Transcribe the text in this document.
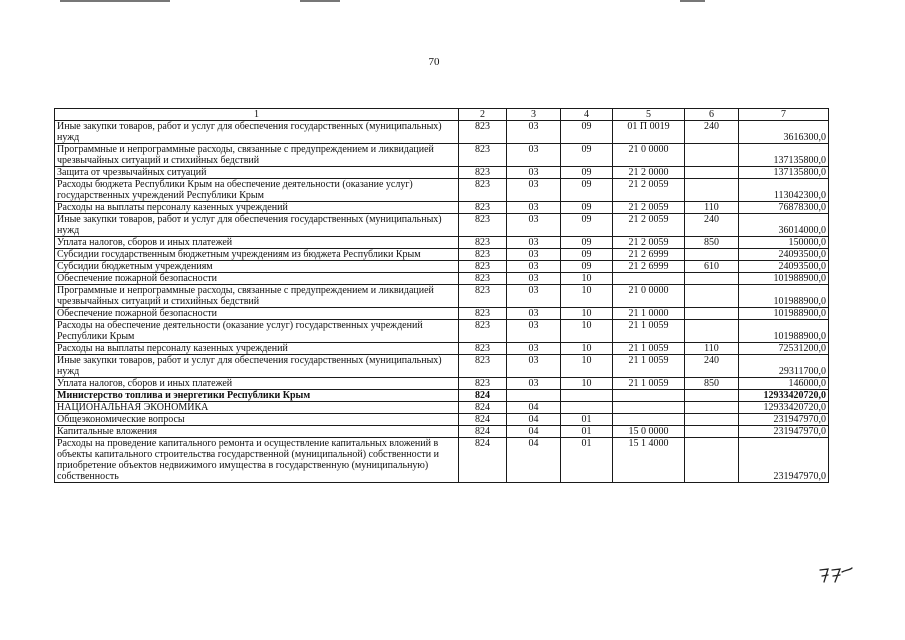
70
1	2	3	4	5	6	7
Иные закупки товаров, работ и услуг для обеспечения государственных (муниципальных) нужд	823	03	09	01 П 0019	240	3616300,0
Программные и непрограммные расходы, связанные с предупреждением и ликвидацией чрезвычайных ситуаций и стихийных бедствий	823	03	09	21 0 0000		137135800,0
Защита от чрезвычайных ситуаций	823	03	09	21 2 0000		137135800,0
Расходы бюджета Республики Крым на обеспечение деятельности (оказание услуг) государственных учреждений Республики Крым	823	03	09	21 2 0059		113042300,0
Расходы на выплаты персоналу казенных учреждений	823	03	09	21 2 0059	110	76878300,0
Иные закупки товаров, работ и услуг для обеспечения государственных (муниципальных) нужд	823	03	09	21 2 0059	240	36014000,0
Уплата налогов, сборов и иных платежей	823	03	09	21 2 0059	850	150000,0
Субсидии государственным бюджетным учреждениям из бюджета Республики Крым	823	03	09	21 2 6999		24093500,0
Субсидии бюджетным учреждениям	823	03	09	21 2 6999	610	24093500,0
Обеспечение пожарной безопасности	823	03	10			101988900,0
Программные и непрограммные расходы, связанные с предупреждением и ликвидацией чрезвычайных ситуаций и стихийных бедствий	823	03	10	21 0 0000		101988900,0
Обеспечение пожарной безопасности	823	03	10	21 1 0000		101988900,0
Расходы на обеспечение деятельности (оказание услуг) государственных учреждений Республики Крым	823	03	10	21 1 0059		101988900,0
Расходы на выплаты персоналу казенных учреждений	823	03	10	21 1 0059	110	72531200,0
Иные закупки товаров, работ и услуг для обеспечения государственных (муниципальных) нужд	823	03	10	21 1 0059	240	29311700,0
Уплата налогов, сборов и иных платежей	823	03	10	21 1 0059	850	146000,0
Министерство топлива и энергетики Республики Крым	824					12933420720,0
НАЦИОНАЛЬНАЯ ЭКОНОМИКА	824	04				12933420720,0
Общеэкономические вопросы	824	04	01			231947970,0
Капитальные вложения	824	04	01	15 0 0000		231947970,0
Расходы на проведение капитального ремонта и осуществление капитальных вложений в объекты капитального строительства государственной (муниципальной) собственности и приобретение объектов недвижимого имущества в государственную (муниципальную) собственность	824	04	01	15 1 4000		231947970,0
